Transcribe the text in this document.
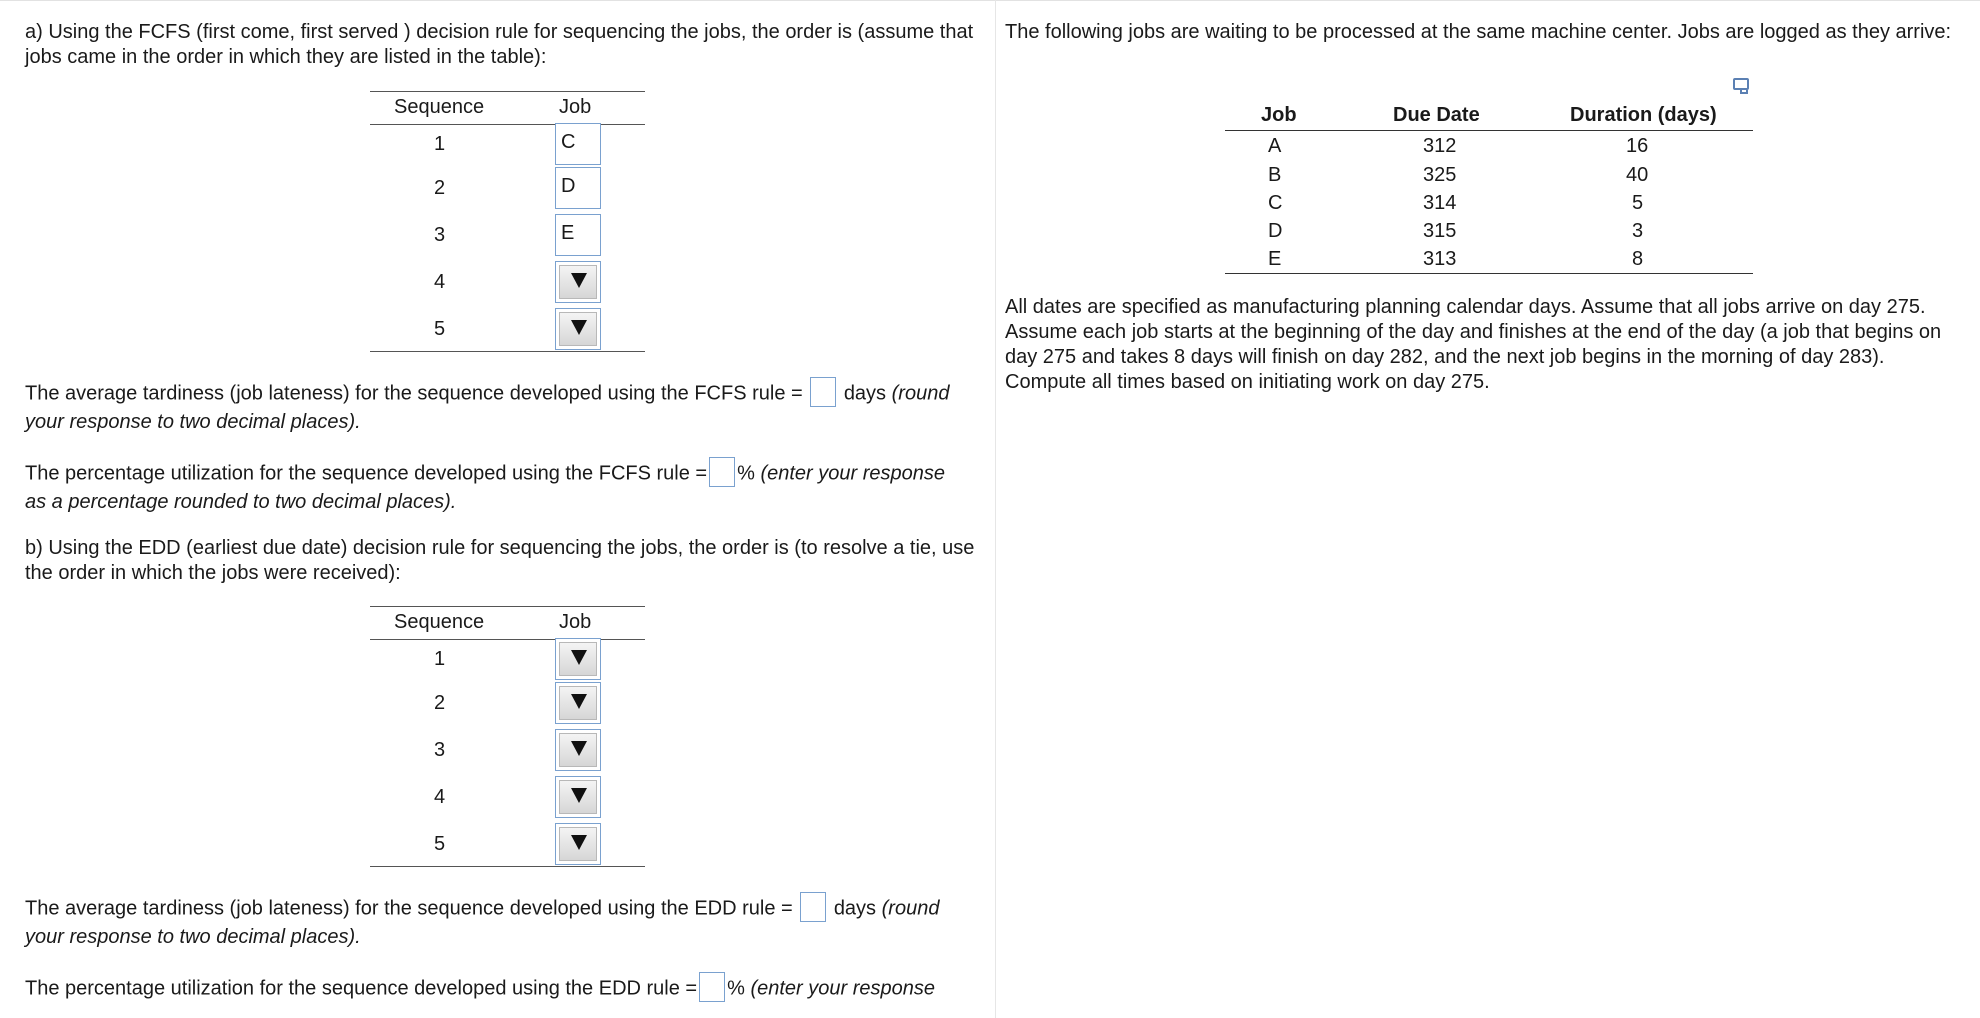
a) Using the FCFS (first come, first served ) decision rule for sequencing the jobs, the order is (assume that jobs came in the order in which they are listed in the table):
Sequence	Job
1	C
2	D
3	E
4
5
The average tardiness (job lateness) for the sequence developed using the FCFS rule = days (round
your response to two decimal places).
The percentage utilization for the sequence developed using the FCFS rule = % (enter your response
as a percentage rounded to two decimal places).
b) Using the EDD (earliest due date) decision rule for sequencing the jobs, the order is (to resolve a tie, use the order in which the jobs were received):
Sequence	Job
1
2
3
4
5
The average tardiness (job lateness) for the sequence developed using the EDD rule = days (round
your response to two decimal places).
The percentage utilization for the sequence developed using the EDD rule = % (enter your response
The following jobs are waiting to be processed at the same machine center. Jobs are logged as they arrive:
Job	Due Date	Duration (days)
A	312	16
B	325	40
C	314	5
D	315	3
E	313	8
All dates are specified as manufacturing planning calendar days. Assume that all jobs arrive on day 275. Assume each job starts at the beginning of the day and finishes at the end of the day (a job that begins on day 275 and takes 8 days will finish on day 282, and the next job begins in the morning of day 283). Compute all times based on initiating work on day 275.
